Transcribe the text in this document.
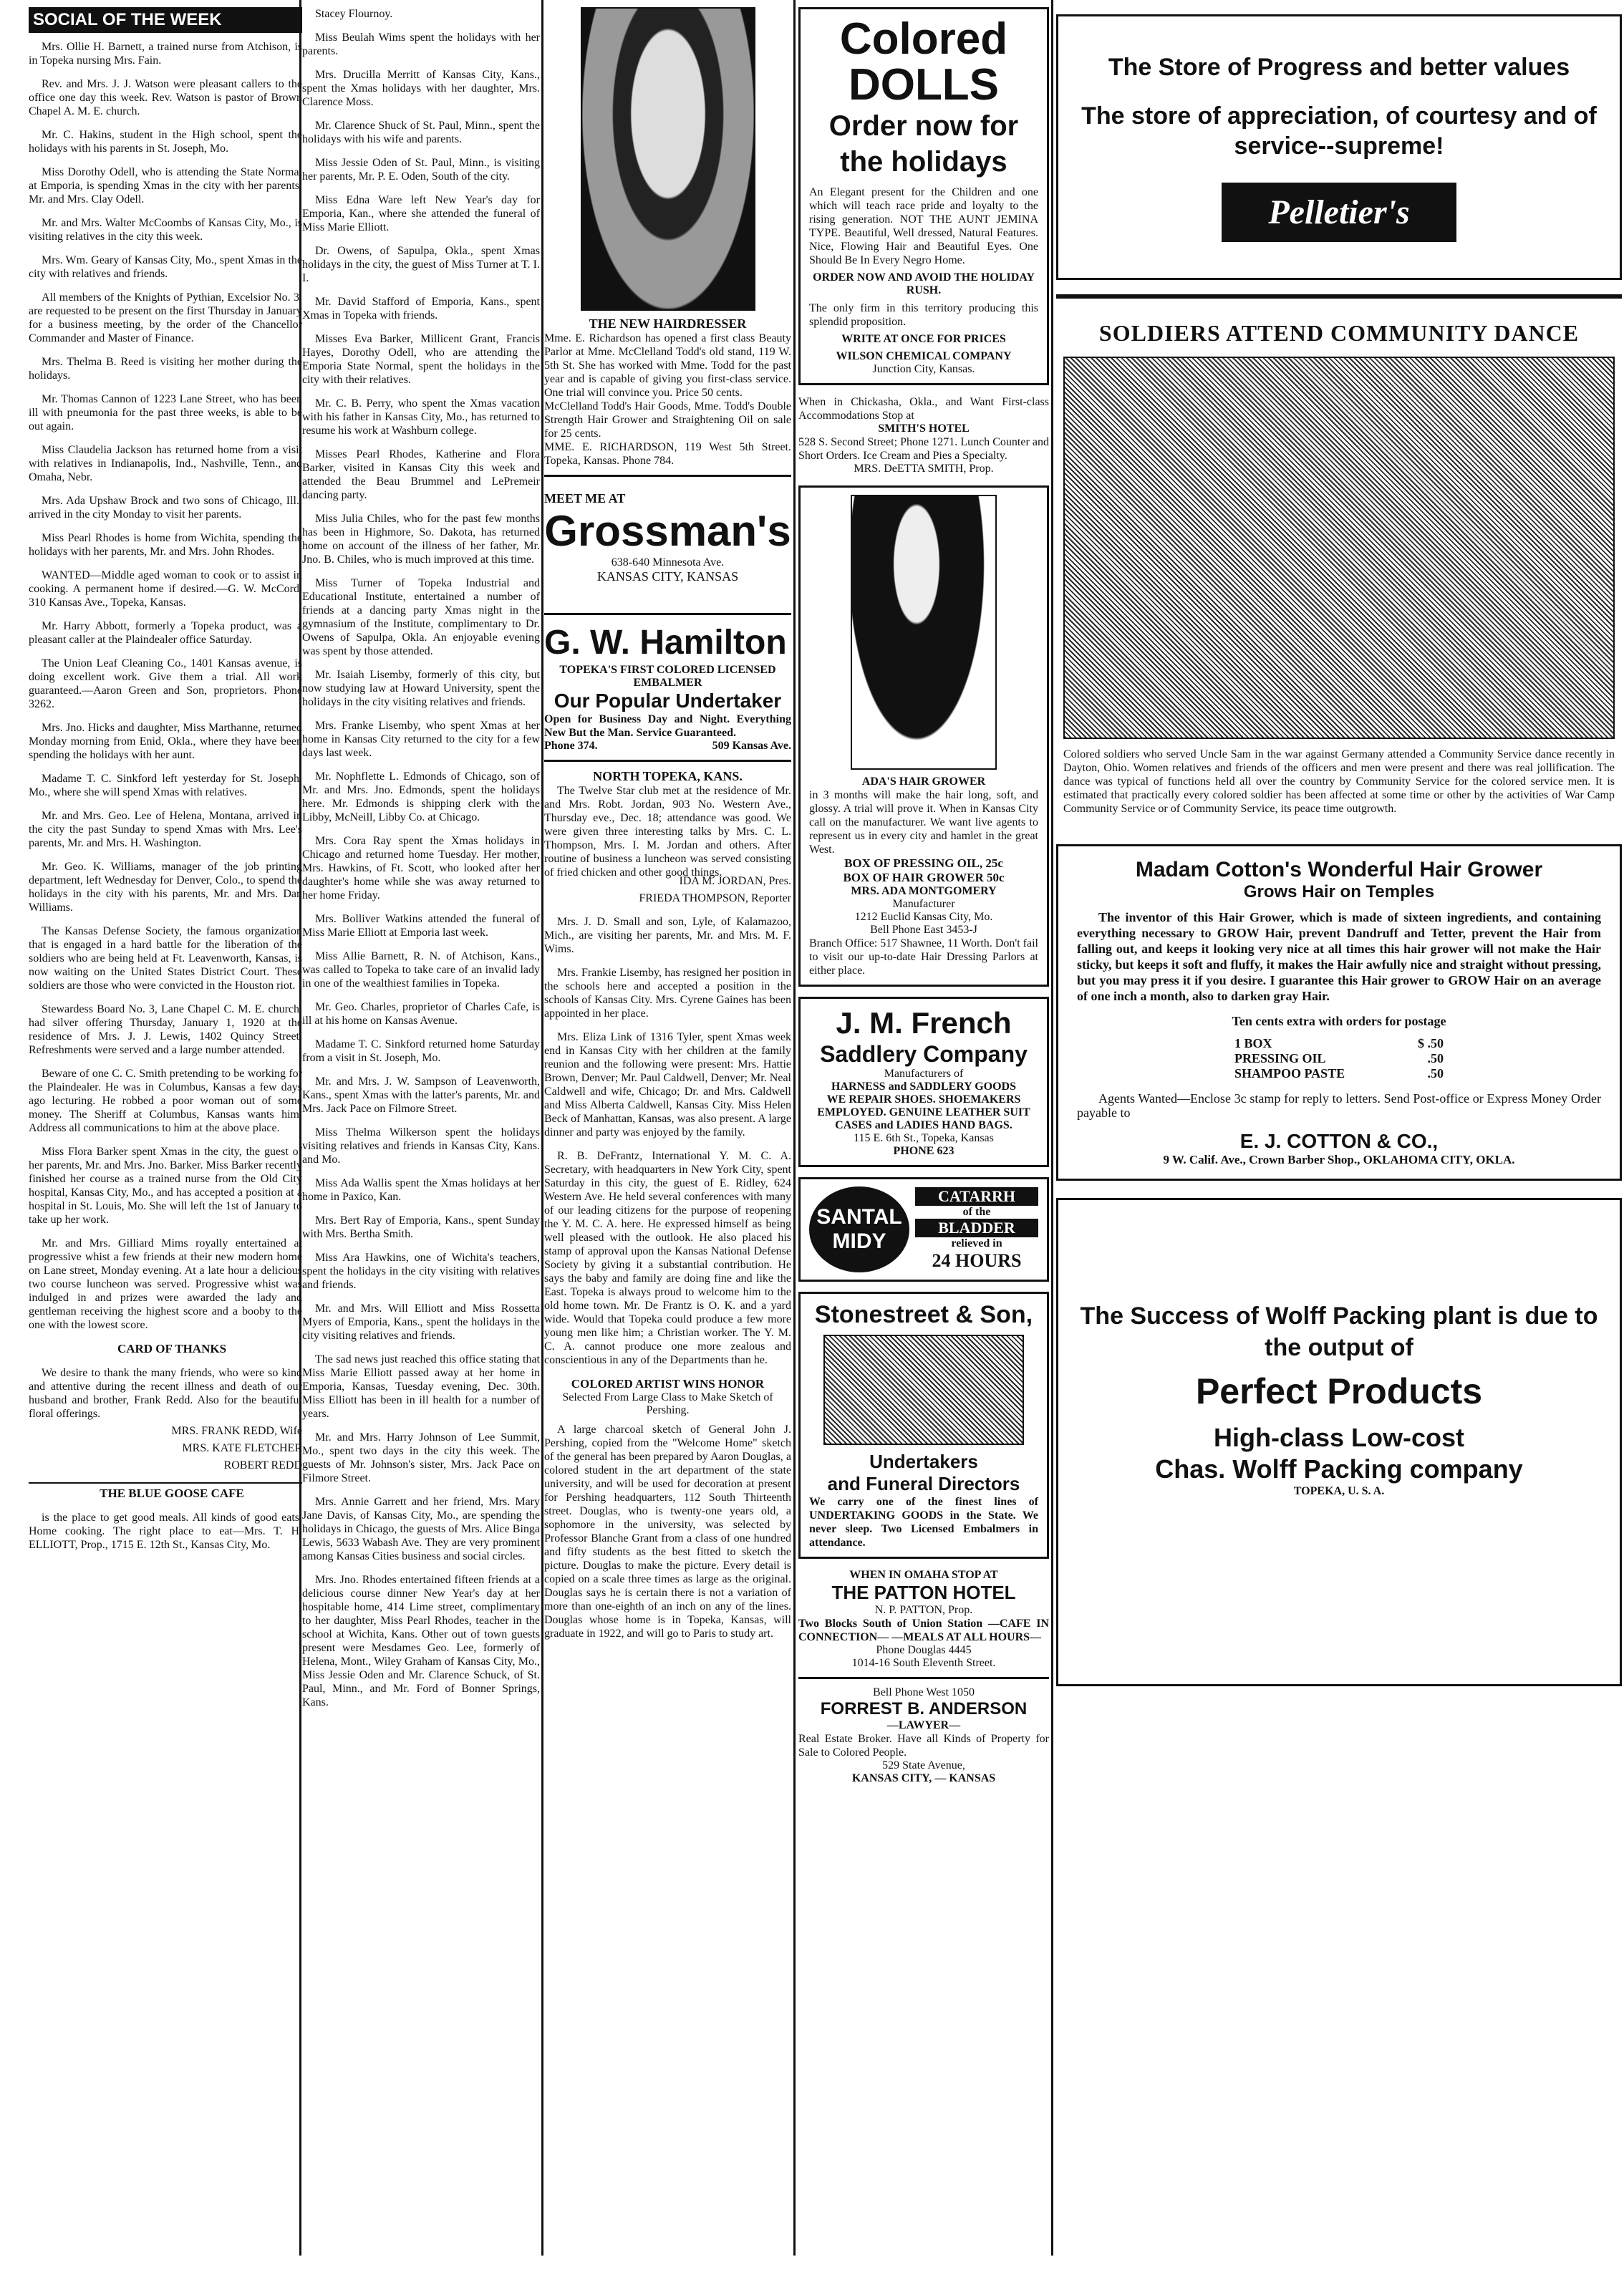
SOCIAL OF THE WEEK
Mrs. Ollie H. Barnett, a trained nurse from Atchison, is in Topeka nursing Mrs. Fain.
Rev. and Mrs. J. J. Watson were pleasant callers to the office one day this week. Rev. Watson is pastor of Brown Chapel A. M. E. church.
Mr. C. Hakins, student in the High school, spent the holidays with his parents in St. Joseph, Mo.
Miss Dorothy Odell, who is attending the State Normal at Emporia, is spending Xmas in the city with her parents, Mr. and Mrs. Clay Odell.
Mr. and Mrs. Walter McCoombs of Kansas City, Mo., is visiting relatives in the city this week.
Mrs. Wm. Geary of Kansas City, Mo., spent Xmas in the city with relatives and friends.
All members of the Knights of Pythian, Excelsior No. 3, are requested to be present on the first Thursday in January for a business meeting, by the order of the Chancellor Commander and Master of Finance.
Mrs. Thelma B. Reed is visiting her mother during the holidays.
Mr. Thomas Cannon of 1223 Lane Street, who has been ill with pneumonia for the past three weeks, is able to be out again.
Miss Claudelia Jackson has returned home from a visit with relatives in Indianapolis, Ind., Nashville, Tenn., and Omaha, Nebr.
Mrs. Ada Upshaw Brock and two sons of Chicago, Ill., arrived in the city Monday to visit her parents.
Miss Pearl Rhodes is home from Wichita, spending the holidays with her parents, Mr. and Mrs. John Rhodes.
WANTED—Middle aged woman to cook or to assist in cooking. A permanent home if desired.—G. W. McCord, 310 Kansas Ave., Topeka, Kansas.
Mr. Harry Abbott, formerly a Topeka product, was a pleasant caller at the Plaindealer office Saturday.
The Union Leaf Cleaning Co., 1401 Kansas avenue, is doing excellent work. Give them a trial. All work guaranteed.—Aaron Green and Son, proprietors. Phone 3262.
Mrs. Jno. Hicks and daughter, Miss Marthanne, returned Monday morning from Enid, Okla., where they have been spending the holidays with her aunt.
Madame T. C. Sinkford left yesterday for St. Joseph, Mo., where she will spend Xmas with relatives.
Mr. and Mrs. Geo. Lee of Helena, Montana, arrived in the city the past Sunday to spend Xmas with Mrs. Lee's parents, Mr. and Mrs. H. Washington.
Mr. Geo. K. Williams, manager of the job printing department, left Wednesday for Denver, Colo., to spend the holidays in the city with his parents, Mr. and Mrs. Dan Williams.
The Kansas Defense Society, the famous organization that is engaged in a hard battle for the liberation of the soldiers who are being held at Ft. Leavenworth, Kansas, is now waiting on the United States District Court. These soldiers are those who were convicted in the Houston riot.
Stewardess Board No. 3, Lane Chapel C. M. E. church, had silver offering Thursday, January 1, 1920 at the residence of Mrs. J. J. Lewis, 1402 Quincy Street. Refreshments were served and a large number attended.
Beware of one C. C. Smith pretending to be working for the Plaindealer. He was in Columbus, Kansas a few days ago lecturing. He robbed a poor woman out of some money. The Sheriff at Columbus, Kansas wants him. Address all communications to him at the above place.
Miss Flora Barker spent Xmas in the city, the guest of her parents, Mr. and Mrs. Jno. Barker. Miss Barker recently finished her course as a trained nurse from the Old City hospital, Kansas City, Mo., and has accepted a position at a hospital in St. Louis, Mo. She will left the 1st of January to take up her work.
Mr. and Mrs. Gilliard Mims royally entertained at progressive whist a few friends at their new modern home on Lane street, Monday evening. At a late hour a delicious two course luncheon was served. Progressive whist was indulged in and prizes were awarded the lady and gentleman receiving the highest score and a booby to the one with the lowest score.
CARD OF THANKS
We desire to thank the many friends, who were so kind and attentive during the recent illness and death of our husband and brother, Frank Redd. Also for the beautiful floral offerings.
MRS. FRANK REDD, Wife
MRS. KATE FLETCHER
ROBERT REDD
THE BLUE GOOSE CAFE
is the place to get good meals. All kinds of good eats. Home cooking. The right place to eat—Mrs. T. H. ELLIOTT, Prop., 1715 E. 12th St., Kansas City, Mo.
Stacey Flournoy.
Miss Beulah Wims spent the holidays with her parents.
Mrs. Drucilla Merritt of Kansas City, Kans., spent the Xmas holidays with her daughter, Mrs. Clarence Moss.
Mr. Clarence Shuck of St. Paul, Minn., spent the holidays with his wife and parents.
Miss Jessie Oden of St. Paul, Minn., is visiting her parents, Mr. P. E. Oden, South of the city.
Miss Edna Ware left New Year's day for Emporia, Kan., where she attended the funeral of Miss Marie Elliott.
Dr. Owens, of Sapulpa, Okla., spent Xmas holidays in the city, the guest of Miss Turner at T. I. I.
Mr. David Stafford of Emporia, Kans., spent Xmas in Topeka with friends.
Misses Eva Barker, Millicent Grant, Francis Hayes, Dorothy Odell, who are attending the Emporia State Normal, spent the holidays in the city with their relatives.
Mr. C. B. Perry, who spent the Xmas vacation with his father in Kansas City, Mo., has returned to resume his work at Washburn college.
Misses Pearl Rhodes, Katherine and Flora Barker, visited in Kansas City this week and attended the Beau Brummel and LePremeir dancing party.
Miss Julia Chiles, who for the past few months has been in Highmore, So. Dakota, has returned home on account of the illness of her father, Mr. Jno. B. Chiles, who is much improved at this time.
Miss Turner of Topeka Industrial and Educational Institute, entertained a number of friends at a dancing party Xmas night in the gymnasium of the Institute, complimentary to Dr. Owens of Sapulpa, Okla. An enjoyable evening was spent by those attended.
Mr. Isaiah Lisemby, formerly of this city, but now studying law at Howard University, spent the holidays in the city visiting relatives and friends.
Mrs. Franke Lisemby, who spent Xmas at her home in Kansas City returned to the city for a few days last week.
Mr. Nophflette L. Edmonds of Chicago, son of Mr. and Mrs. Jno. Edmonds, spent the holidays here. Mr. Edmonds is shipping clerk with the Libby, McNeill, Libby Co. at Chicago.
Mrs. Cora Ray spent the Xmas holidays in Chicago and returned home Tuesday. Her mother, Mrs. Hawkins, of Ft. Scott, who looked after her daughter's home while she was away returned to her home Friday.
Mrs. Bolliver Watkins attended the funeral of Miss Marie Elliott at Emporia last week.
Miss Allie Barnett, R. N. of Atchison, Kans., was called to Topeka to take care of an invalid lady in one of the wealthiest families in Topeka.
Mr. Geo. Charles, proprietor of Charles Cafe, is ill at his home on Kansas Avenue.
Madame T. C. Sinkford returned home Saturday from a visit in St. Joseph, Mo.
Mr. and Mrs. J. W. Sampson of Leavenworth, Kans., spent Xmas with the latter's parents, Mr. and Mrs. Jack Pace on Filmore Street.
Miss Thelma Wilkerson spent the holidays visiting relatives and friends in Kansas City, Kans. and Mo.
Miss Ada Wallis spent the Xmas holidays at her home in Paxico, Kan.
Mrs. Bert Ray of Emporia, Kans., spent Sunday with Mrs. Bertha Smith.
Miss Ara Hawkins, one of Wichita's teachers, spent the holidays in the city visiting with relatives and friends.
Mr. and Mrs. Will Elliott and Miss Rossetta Myers of Emporia, Kans., spent the holidays in the city visiting relatives and friends.
The sad news just reached this office stating that Miss Marie Elliott passed away at her home in Emporia, Kansas, Tuesday evening, Dec. 30th. Miss Elliott has been in ill health for a number of years.
Mr. and Mrs. Harry Johnson of Lee Summit, Mo., spent two days in the city this week. The guests of Mr. Johnson's sister, Mrs. Jack Pace on Filmore Street.
Mrs. Annie Garrett and her friend, Mrs. Mary Jane Davis, of Kansas City, Mo., are spending the holidays in Chicago, the guests of Mrs. Alice Binga Lewis, 5633 Wabash Ave. They are very prominent among Kansas Cities business and social circles.
Mrs. Jno. Rhodes entertained fifteen friends at a delicious course dinner New Year's day at her hospitable home, 414 Lime street, complimentary to her daughter, Miss Pearl Rhodes, teacher in the school at Wichita, Kans. Other out of town guests present were Mesdames Geo. Lee, formerly of Helena, Mont., Wiley Graham of Kansas City, Mo., Miss Jessie Oden and Mr. Clarence Schuck, of St. Paul, Minn., and Mr. Ford of Bonner Springs, Kans.
THE NEW HAIRDRESSER
Mme. E. Richardson has opened a first class Beauty Parlor at Mme. McClelland Todd's old stand, 119 W. 5th St. She has worked with Mme. Todd for the past year and is capable of giving you first-class service. One trial will convince you. Price 50 cents.
McClelland Todd's Hair Goods, Mme. Todd's Double Strength Hair Grower and Straightening Oil on sale for 25 cents.
MME. E. RICHARDSON, 119 West 5th Street. Topeka, Kansas. Phone 784.
MEET ME AT
Grossman's
638-640 Minnesota Ave.
KANSAS CITY, KANSAS
G. W. Hamilton
TOPEKA'S FIRST COLORED LICENSED EMBALMER
Our Popular Undertaker
Open for Business Day and Night. Everything New But the Man. Service Guaranteed.
Phone 374.	509 Kansas Ave.
NORTH TOPEKA, KANS.
The Twelve Star club met at the residence of Mr. and Mrs. Robt. Jordan, 903 No. Western Ave., Thursday eve., Dec. 18; attendance was good. We were given three interesting talks by Mrs. C. L. Thompson, Mrs. I. M. Jordan and others. After routine of business a luncheon was served consisting of fried chicken and other good things.
IDA M. JORDAN, Pres.
FRIEDA THOMPSON, Reporter
Mrs. J. D. Small and son, Lyle, of Kalamazoo, Mich., are visiting her parents, Mr. and Mrs. M. F. Wims.
Mrs. Frankie Lisemby, has resigned her position in the schools here and accepted a position in the schools of Kansas City. Mrs. Cyrene Gaines has been appointed in her place.
Mrs. Eliza Link of 1316 Tyler, spent Xmas week end in Kansas City with her children at the family reunion and the following were present: Mrs. Hattie Brown, Denver; Mr. Paul Caldwell, Denver; Mr. Neal Caldwell and wife, Chicago; Dr. and Mrs. Caldwell and Miss Alberta Caldwell, Kansas City. Miss Helen Beck of Manhattan, Kansas, was also present. A large dinner and party was enjoyed by the family.
R. B. DeFrantz, International Y. M. C. A. Secretary, with headquarters in New York City, spent Saturday in this city, the guest of E. Ridley, 624 Western Ave. He held several conferences with many of our leading citizens for the purpose of reopening the Y. M. C. A. here. He expressed himself as being well pleased with the outlook. He also placed his stamp of approval upon the Kansas National Defense Society by giving it a substantial contribution. He says the baby and family are doing fine and like the East. Topeka is always proud to welcome him to the old home town. Mr. De Frantz is O. K. and a yard wide. Would that Topeka could produce a few more young men like him; a Christian worker. The Y. M. C. A. cannot produce one more zealous and conscientious in any of the Departments than he.
COLORED ARTIST WINS HONOR
Selected From Large Class to Make Sketch of Pershing.
A large charcoal sketch of General John J. Pershing, copied from the "Welcome Home" sketch of the general has been prepared by Aaron Douglas, a colored student in the art department of the state university, and will be used for decoration at present for Pershing headquarters, 112 South Thirteenth street. Douglas, who is twenty-one years old, a sophomore in the university, was selected by Professor Blanche Grant from a class of one hundred and fifty students as the best fitted to sketch the picture. Douglas to make the picture. Every detail is copied on a scale three times as large as the original. Douglas says he is certain there is not a variation of more than one-eighth of an inch on any of the lines. Douglas whose home is in Topeka, Kansas, will graduate in 1922, and will go to Paris to study art.
Colored
DOLLS
Order now for the holidays
An Elegant present for the Children and one which will teach race pride and loyalty to the rising generation. NOT THE AUNT JEMINA TYPE. Beautiful, Well dressed, Natural Features. Nice, Flowing Hair and Beautiful Eyes. One Should Be In Every Negro Home.
ORDER NOW AND AVOID THE HOLIDAY RUSH.
The only firm in this territory producing this splendid proposition.
WRITE AT ONCE FOR PRICES
WILSON CHEMICAL COMPANY
Junction City, Kansas.
When in Chickasha, Okla., and Want First-class Accommodations Stop at
SMITH'S HOTEL
528 S. Second Street; Phone 1271. Lunch Counter and Short Orders. Ice Cream and Pies a Specialty.
MRS. DeETTA SMITH, Prop.
ADA'S HAIR GROWER
in 3 months will make the hair long, soft, and glossy. A trial will prove it. When in Kansas City call on the manufacturer. We want live agents to represent us in every city and hamlet in the great West.
BOX OF PRESSING OIL, 25c
BOX OF HAIR GROWER 50c
MRS. ADA MONTGOMERY
Manufacturer
1212 Euclid Kansas City, Mo.
Bell Phone East 3453-J
Branch Office: 517 Shawnee, 11 Worth. Don't fail to visit our up-to-date Hair Dressing Parlors at either place.
J. M. French
Saddlery Company
Manufacturers of
HARNESS and SADDLERY GOODS
WE REPAIR SHOES. SHOEMAKERS EMPLOYED. GENUINE LEATHER SUIT CASES and LADIES HAND BAGS.
115 E. 6th St., Topeka, Kansas
PHONE 623
SANTAL
MIDY
CATARRH
of the
BLADDER
relieved in
24 HOURS
Stonestreet & Son,
Undertakers
and Funeral Directors
We carry one of the finest lines of UNDERTAKING GOODS in the State. We never sleep. Two Licensed Embalmers in attendance.
WHEN IN OMAHA STOP AT
THE PATTON HOTEL
N. P. PATTON, Prop.
Two Blocks South of Union Station —CAFE IN CONNECTION— —MEALS AT ALL HOURS—
Phone Douglas 4445
1014-16 South Eleventh Street.
Bell Phone West 1050
FORREST B. ANDERSON
—LAWYER—
Real Estate Broker. Have all Kinds of Property for Sale to Colored People.
529 State Avenue,
KANSAS CITY, — KANSAS
The Store of Progress and better values
The store of appreciation, of courtesy and of service--supreme!
Pelletier's
SOLDIERS ATTEND COMMUNITY DANCE
Colored soldiers who served Uncle Sam in the war against Germany attended a Community Service dance recently in Dayton, Ohio. Women relatives and friends of the officers and men were present and there was real jollification. The dance was typical of functions held all over the country by Community Service for the colored service men. It is estimated that practically every colored soldier has been affected at some time or other by the activities of War Camp Community Service or of Community Service, its peace time outgrowth.
Madam Cotton's Wonderful Hair Grower
Grows Hair on Temples
The inventor of this Hair Grower, which is made of sixteen ingredients, and containing everything necessary to GROW Hair, prevent Dandruff and Tetter, prevent the Hair from falling out, and keeps it looking very nice at all times this hair grower will not make the Hair sticky, but keeps it soft and fluffy, it makes the Hair awfully nice and straight without pressing, but you may press it if you desire. I guarantee this Hair grower to GROW Hair on an average of one inch a month, also to darken gray Hair.
Ten cents extra with orders for postage
1 BOX	$ .50
PRESSING OIL	.50
SHAMPOO PASTE	.50
Agents Wanted—Enclose 3c stamp for reply to letters. Send Post-office or Express Money Order payable to
E. J. COTTON & CO.,
9 W. Calif. Ave., Crown Barber Shop., OKLAHOMA CITY, OKLA.
The Success of Wolff Packing plant is due to the output of
Perfect Products
High-class Low-cost
Chas. Wolff Packing company
TOPEKA, U. S. A.
